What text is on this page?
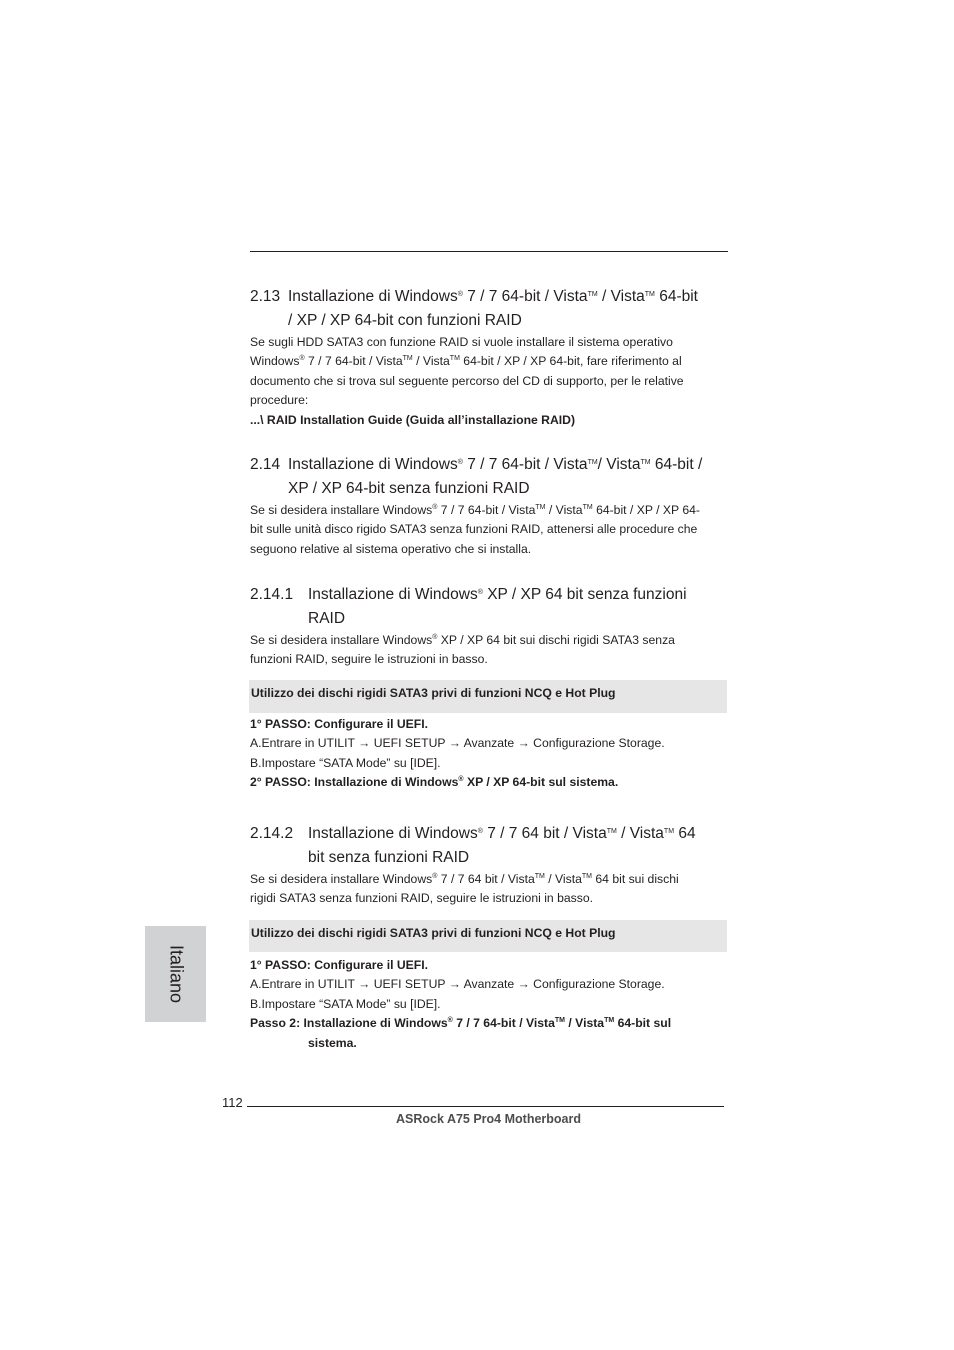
2.13 Installazione di Windows® 7 / 7 64-bit / Vista™ / Vista™ 64-bit
/ XP / XP 64-bit con funzioni RAID
Se sugli HDD SATA3 con funzione RAID si vuole installare il sistema operativo
Windows® 7 / 7 64-bit / Vista™ / Vista™ 64-bit / XP / XP 64-bit, fare riferimento al
documento che si trova sul seguente percorso del CD di supporto, per le relative
procedure:
...\ RAID Installation Guide (Guida all’installazione RAID)
2.14 Installazione di Windows® 7 / 7 64-bit / Vista™/ Vista™ 64-bit /
XP / XP 64-bit senza funzioni RAID
Se si desidera installare Windows® 7 / 7 64-bit / Vista™ / Vista™ 64-bit / XP / XP 64-
bit sulle unità disco rigido SATA3 senza funzioni RAID, attenersi alle procedure che
seguono relative al sistema operativo che si installa.
2.14.1 Installazione di Windows® XP / XP 64 bit senza funzioni
RAID
Se si desidera installare Windows® XP / XP 64 bit sui dischi rigidi SATA3 senza
funzioni RAID, seguire le istruzioni in basso.
Utilizzo dei dischi rigidi SATA3 privi di funzioni NCQ e Hot Plug
1° PASSO: Configurare il UEFI.
A.Entrare in UTILIT → UEFI SETUP → Avanzate → Configurazione Storage.
B.Impostare “SATA Mode” su [IDE].
2° PASSO: Installazione di Windows® XP / XP 64-bit sul sistema.
2.14.2 Installazione di Windows® 7 / 7 64 bit / Vista™ / Vista™ 64
bit senza funzioni RAID
Se si desidera installare Windows® 7 / 7 64 bit / Vista™ / Vista™ 64 bit sui dischi
rigidi SATA3 senza funzioni RAID, seguire le istruzioni in basso.
Utilizzo dei dischi rigidi SATA3 privi di funzioni NCQ e Hot Plug
1° PASSO: Configurare il UEFI.
A.Entrare in UTILIT → UEFI SETUP → Avanzate → Configurazione Storage.
B.Impostare “SATA Mode” su [IDE].
Passo 2: Installazione di Windows® 7 / 7 64-bit / Vista™ / Vista™ 64-bit sul
sistema.
Italiano
112
ASRock A75 Pro4 Motherboard
